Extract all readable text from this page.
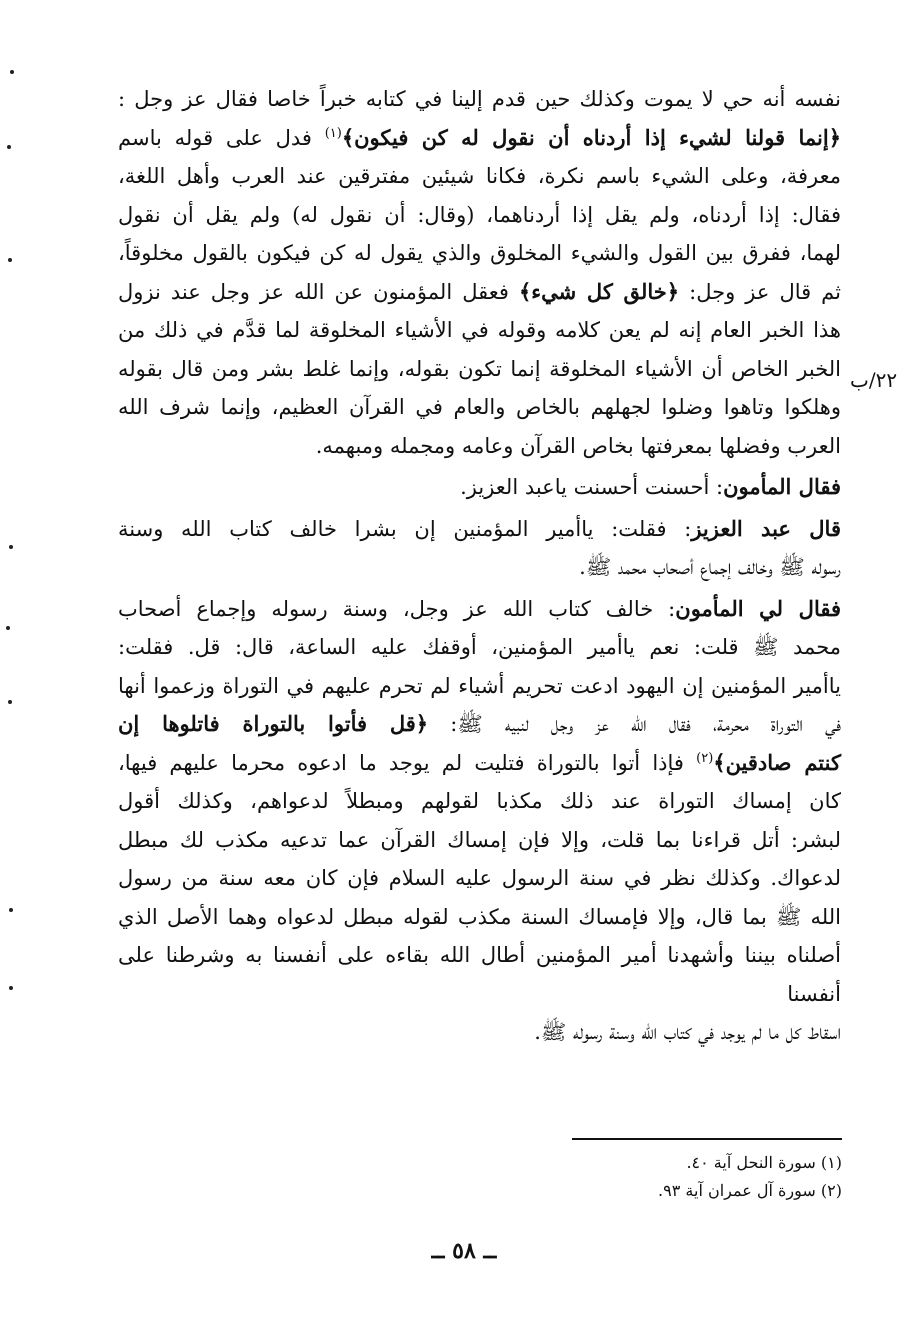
نفسه أنه حي لا يموت وكذلك حين قدم إلينا في كتابه خبراً خاصا فقال عز وجل :

﴿إنما قولنا لشيء إذا أردناه أن نقول له كن فيكون﴾$^{(١)}$ فدل على قوله باسم

معرفة، وعلى الشيء باسم نكرة، فكانا شيئين مفترقين عند العرب وأهل اللغة،

فقال: إذا أردناه، ولم يقل إذا أردناهما، (وقال: أن نقول له) ولم يقل أن نقول

لهما، ففرق بين القول والشيء المخلوق والذي يقول له كن فيكون بالقول مخلوقاً،

ثم قال عز وجل: ﴿خالق كل شيء﴾ فعقل المؤمنون عن الله عز وجل عند نزول

هذا الخبر العام إنه لم يعن كلامه وقوله في الأشياء المخلوقة لما قدَّم في ذلك من

الخبر الخاص أن الأشياء المخلوقة إنما تكون بقوله، وإنما غلط بشر ومن قال بقوله

وهلكوا وتاهوا وضلوا لجهلهم بالخاص والعام في القرآن العظيم، وإنما شرف الله

العرب وفضلها بمعرفتها بخاص القرآن وعامه ومجمله ومبهمه.

فقال المأمون: أحسنت أحسنت ياعبد العزيز.

قال عبد العزيز: فقلت: ياأمير المؤمنين إن بشرا خالف كتاب الله وسنة

رسوله ﷺ وخالف إجماع أصحاب محمد ﷺ.

فقال لي المأمون: خالف كتاب الله عز وجل، وسنة رسوله وإجماع أصحاب

محمد ﷺ قلت: نعم ياأمير المؤمنين، أوقفك عليه الساعة، قال: قل. فقلت:

ياأمير المؤمنين إن اليهود ادعت تحريم أشياء لم تحرم عليهم في التوراة وزعموا أنها

في التوراة محرمة، فقال الله عز وجل لنبيه ﷺ: ﴿قل فأتوا بالتوراة فاتلوها إن

كنتم صادقين﴾$^{(٢)}$ فإذا أتوا بالتوراة فتليت لم يوجد ما ادعوه محرما عليهم فيها،

كان إمساك التوراة عند ذلك مكذبا لقولهم ومبطلاً لدعواهم، وكذلك أقول

لبشر: أتل قراءنا بما قلت، وإلا فإن إمساك القرآن عما تدعيه مكذب لك مبطل

لدعواك. وكذلك نظر في سنة الرسول عليه السلام فإن كان معه سنة من رسول

الله ﷺ بما قال، وإلا فإمساك السنة مكذب لقوله مبطل لدعواه وهما الأصل الذي

أصلناه بيننا وأشهدنا أمير المؤمنين أطال الله بقاءه على أنفسنا به وشرطنا على أنفسنا

اسقاط كل ما لم يوجد في كتاب الله وسنة رسوله ﷺ.

٢٢/ب
(١) سورة النحل آية ٤٠.
(٢) سورة آل عمران آية ٩٣.
ــ ٥٨ ــ
